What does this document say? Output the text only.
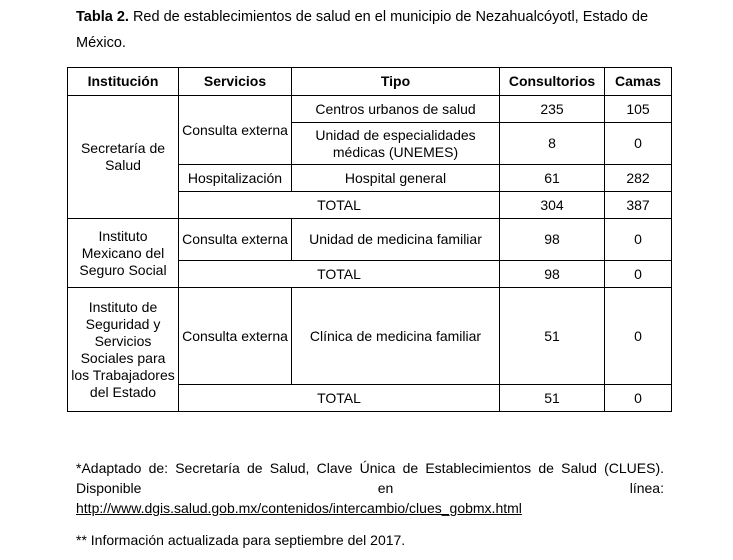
Tabla 2. Red de establecimientos de salud en el municipio de Nezahualcóyotl, Estado de México.
Institución	Servicios	Tipo	Consultorios	Camas
Secretaría de Salud	Consulta externa	Centros urbanos de salud	235	105
		Unidad de especialidades médicas (UNEMES)	8	0
	Hospitalización	Hospital general	61	282
	TOTAL		304	387
Instituto Mexicano del Seguro Social	Consulta externa	Unidad de medicina familiar	98	0
	TOTAL		98	0
Instituto de Seguridad y Servicios Sociales para los Trabajadores del Estado	Consulta externa	Clínica de medicina familiar	51	0
	TOTAL		51	0
*Adaptado de: Secretaría de Salud, Clave Única de Establecimientos de Salud (CLUES). Disponible en línea:
http://www.dgis.salud.gob.mx/contenidos/intercambio/clues_gobmx.html
** Información actualizada para septiembre del 2017.
